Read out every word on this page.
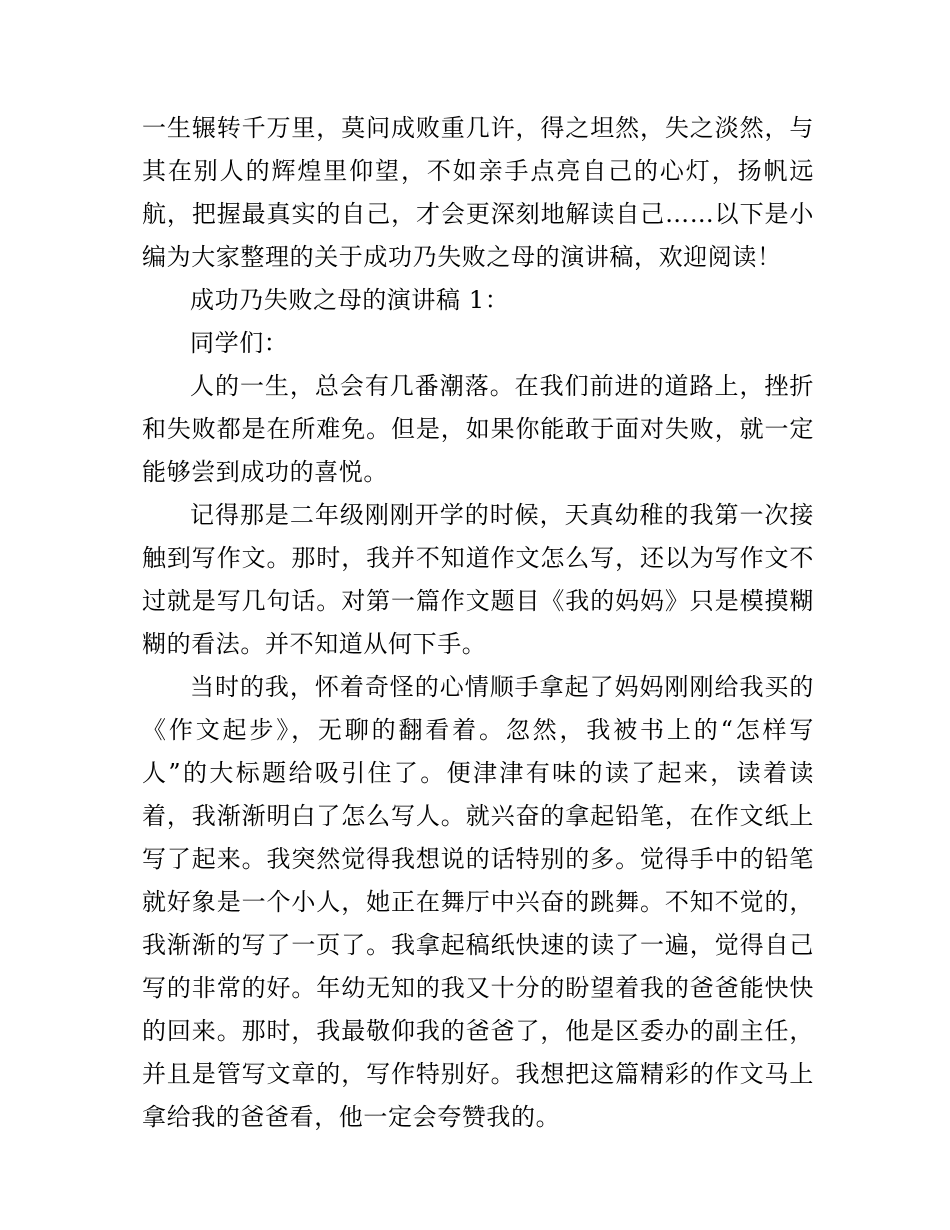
一生辗转千万里，莫问成败重几许，得之坦然，失之淡然，与其在别人的辉煌里仰望，不如亲手点亮自己的心灯，扬帆远航，把握最真实的自己，才会更深刻地解读自己……以下是小编为大家整理的关于成功乃失败之母的演讲稿，欢迎阅读！

成功乃失败之母的演讲稿 1：

同学们：

人的一生，总会有几番潮落。在我们前进的道路上，挫折和失败都是在所难免。但是，如果你能敢于面对失败，就一定能够尝到成功的喜悦。

记得那是二年级刚刚开学的时候，天真幼稚的我第一次接触到写作文。那时，我并不知道作文怎么写，还以为写作文不过就是写几句话。对第一篇作文题目《我的妈妈》只是模摸糊糊的看法。并不知道从何下手。

当时的我，怀着奇怪的心情顺手拿起了妈妈刚刚给我买的《作文起步》，无聊的翻看着。忽然，我被书上的“怎样写人”的大标题给吸引住了。便津津有味的读了起来，读着读着，我渐渐明白了怎么写人。就兴奋的拿起铅笔，在作文纸上写了起来。我突然觉得我想说的话特别的多。觉得手中的铅笔就好象是一个小人，她正在舞厅中兴奋的跳舞。不知不觉的，我渐渐的写了一页了。我拿起稿纸快速的读了一遍，觉得自己写的非常的好。年幼无知的我又十分的盼望着我的爸爸能快快的回来。那时，我最敬仰我的爸爸了，他是区委办的副主任，并且是管写文章的，写作特别好。我想把这篇精彩的作文马上拿给我的爸爸看，他一定会夸赞我的。
